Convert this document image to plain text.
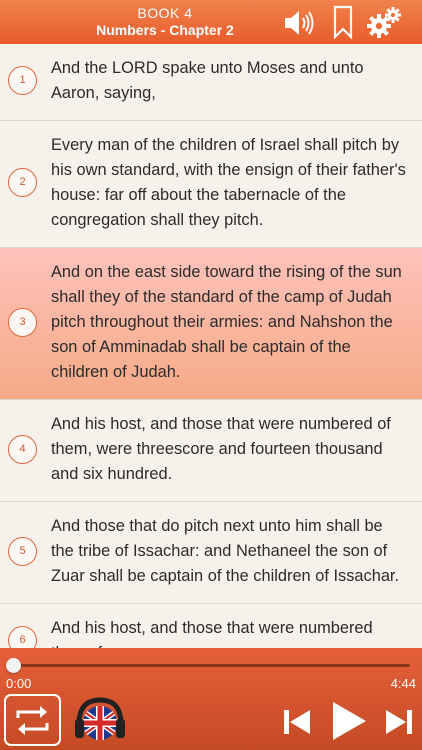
BOOK 4
Numbers - Chapter 2
1
And the LORD spake unto Moses and unto Aaron, saying,
2
Every man of the children of Israel shall pitch by his own standard, with the ensign of their father's house: far off about the tabernacle of the congregation shall they pitch.
3
And on the east side toward the rising of the sun shall they of the standard of the camp of Judah pitch throughout their armies: and Nahshon the son of Amminadab shall be captain of the children of Judah.
4
And his host, and those that were numbered of them, were threescore and fourteen thousand and six hundred.
5
And those that do pitch next unto him shall be the tribe of Issachar: and Nethaneel the son of Zuar shall be captain of the children of Issachar.
6
And his host, and those that were numbered
0:00	4:44
